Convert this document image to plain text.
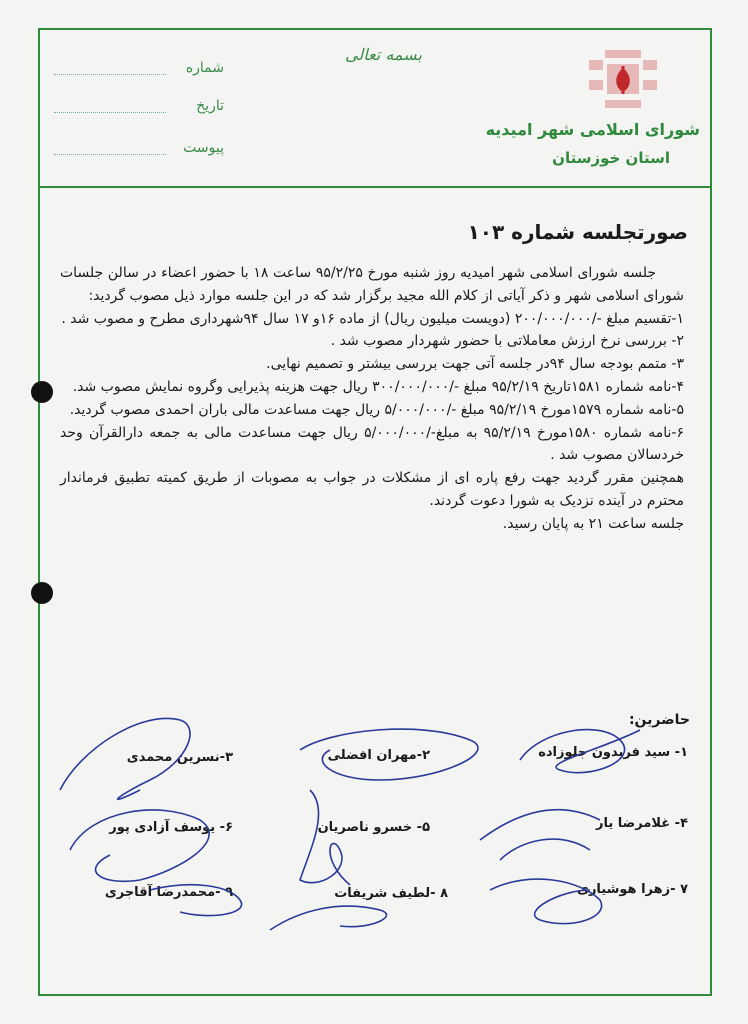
شماره
تاریخ
پیوست
بسمه تعالی
شورای اسلامی شهر امیدیه
استان خوزستان
صورتجلسه شماره ۱۰۳

جلسه شورای اسلامی شهر امیدیه روز شنبه مورخ ۹۵/۲/۲۵ ساعت ۱۸ با حضور اعضاء در سالن جلسات شورای اسلامی شهر و ذکر آیاتی از کلام الله مجید برگزار شد که در این جلسه موارد ذیل مصوب گردید:

۱-تقسیم مبلغ -/۲۰۰/۰۰۰/۰۰۰ (دویست میلیون ریال) از ماده ۱۶و ۱۷ سال ۹۴شهرداری مطرح و مصوب شد .

۲- بررسی نرخ ارزش معاملاتی با حضور شهردار مصوب شد .

۳- متمم بودجه سال ۹۴در جلسه آتی جهت بررسی بیشتر و تصمیم نهایی.

۴-نامه شماره ۱۵۸۱تاریخ ۹۵/۲/۱۹ مبلغ -/۳۰۰/۰۰۰/۰۰۰ ریال جهت هزینه پذیرایی وگروه نمایش مصوب شد.

۵-نامه شماره ۱۵۷۹مورخ ۹۵/۲/۱۹ مبلغ -/۵/۰۰۰/۰۰۰ ریال جهت مساعدت مالی باران احمدی مصوب گردید.

۶-نامه شماره ۱۵۸۰مورخ ۹۵/۲/۱۹ به مبلغ-/۵/۰۰۰/۰۰۰ ریال جهت مساعدت مالی به جمعه دارالقرآن وحد خردسالان مصوب شد .

همچنین مقرر گردید جهت رفع پاره ای از مشکلات در جواب به مصوبات از طریق کمیته تطبیق فرماندار محترم در آینده نزدیک به شورا دعوت گردند.

جلسه ساعت ۲۱ به پایان رسید.

حاضرین:
۱- سید فریدون جلوزاده
۲-مهران افضلی
۳-نسرین محمدی
۴- غلامرضا یار
۵- خسرو ناصریان
۶- یوسف آزادی پور
۷ -زهرا هوشیاری
۸ -لطیف شریفات
۹ -محمدرضا آقاجری
